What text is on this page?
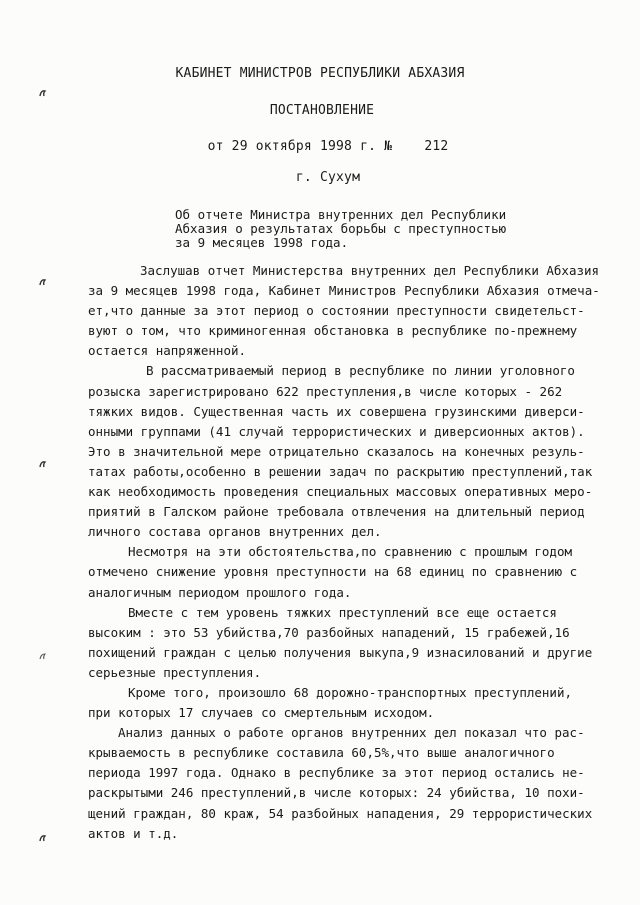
КАБИНЕТ МИНИСТРОВ РЕСПУБЛИКИ АБХАЗИЯ
ПОСТАНОВЛЕНИЕ
от 29 октября 1998 г. №    212
г. Сухум
Об отчете Министра внутренних дел Республики
Абхазия о результатах борьбы с преступностью
за 9 месяцев 1998 года.
Заслушав отчет Министерства внутренних дел Республики Абхазия
за 9 месяцев 1998 года, Кабинет Министров Республики Абхазия отмеча-
ет,что данные за этот период о состоянии преступности свидетельст-
вуют о том, что криминогенная обстановка в республике по-прежнему
остается напряженной.
В рассматриваемый период в республике по линии уголовного
розыска зарегистрировано 622 преступления,в числе которых - 262
тяжких видов. Существенная часть их совершена грузинскими диверси-
онными группами (41 случай террористических и диверсионных актов).
Это в значительной мере отрицательно сказалось на конечных резуль-
татах работы,особенно в решении задач по раскрытию преступлений,так
как необходимость проведения специальных массовых оперативных меро-
приятий в Галском районе требовала отвлечения на длительный период
личного состава органов внутренних дел.
Несмотря на эти обстоятельства,по сравнению с прошлым годом
отмечено снижение уровня преступности на 68 единиц по сравнению с
аналогичным периодом прошлого года.
Вместе с тем уровень тяжких преступлений все еще остается
высоким : это 53 убийства,70 разбойных нападений, 15 грабежей,16
похищений граждан с целью получения выкупа,9 изнасилований и другие
серьезные преступления.
Кроме того, произошло 68 дорожно-транспортных преступлений,
при которых 17 случаев со смертельным исходом.
Анализ данных о работе органов внутренних дел показал что рас-
крываемость в республике составила 60,5%,что выше аналогичного
периода 1997 года. Однако в республике за этот период остались не-
раскрытыми 246 преступлений,в числе которых: 24 убийства, 10 похи-
щений граждан, 80 краж, 54 разбойных нападения, 29 террористических
актов и т.д.
